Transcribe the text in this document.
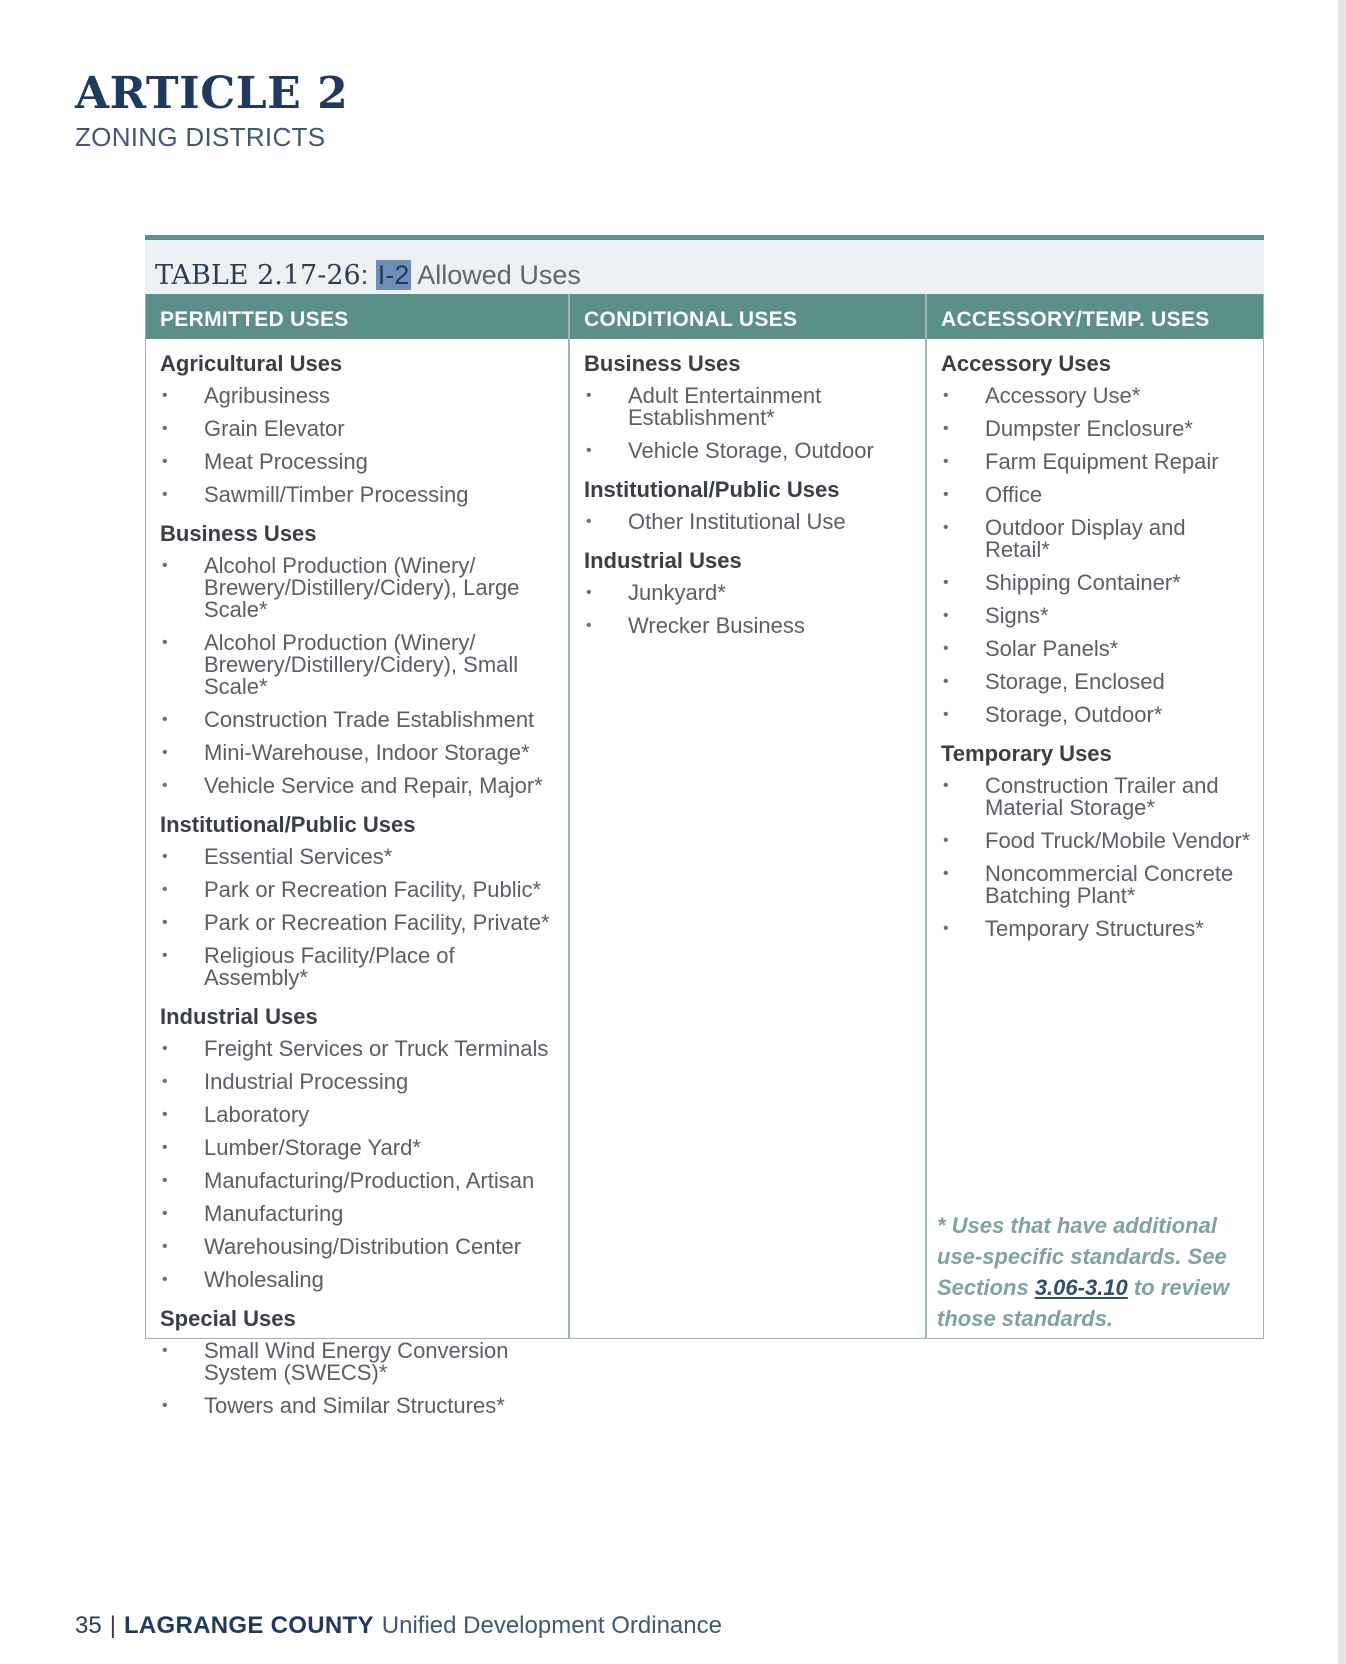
ARTICLE 2
ZONING DISTRICTS
TABLE 2.17-26: I-2 Allowed Uses
PERMITTED USES
Agricultural Uses
• Agribusiness
• Grain Elevator
• Meat Processing
• Sawmill/Timber Processing
Business Uses
• Alcohol Production (Winery/ Brewery/Distillery/Cidery), Large Scale*
• Alcohol Production (Winery/ Brewery/Distillery/Cidery), Small Scale*
• Construction Trade Establishment
• Mini-Warehouse, Indoor Storage*
• Vehicle Service and Repair, Major*
Institutional/Public Uses
• Essential Services*
• Park or Recreation Facility, Public*
• Park or Recreation Facility, Private*
• Religious Facility/Place of Assembly*
Industrial Uses
• Freight Services or Truck Terminals
• Industrial Processing
• Laboratory
• Lumber/Storage Yard*
• Manufacturing/Production, Artisan
• Manufacturing
• Warehousing/Distribution Center
• Wholesaling
Special Uses
• Small Wind Energy Conversion System (SWECS)*
• Towers and Similar Structures*
CONDITIONAL USES
Business Uses
• Adult Entertainment Establishment*
• Vehicle Storage, Outdoor
Institutional/Public Uses
• Other Institutional Use
Industrial Uses
• Junkyard*
• Wrecker Business
ACCESSORY/TEMP. USES
Accessory Uses
• Accessory Use*
• Dumpster Enclosure*
• Farm Equipment Repair
• Office
• Outdoor Display and Retail*
• Shipping Container*
• Signs*
• Solar Panels*
• Storage, Enclosed
• Storage, Outdoor*
Temporary Uses
• Construction Trailer and Material Storage*
• Food Truck/Mobile Vendor*
• Noncommercial Concrete Batching Plant*
• Temporary Structures*
* Uses that have additional use-specific standards. See Sections 3.06-3.10 to review those standards.
35 | LAGRANGE COUNTY Unified Development Ordinance
